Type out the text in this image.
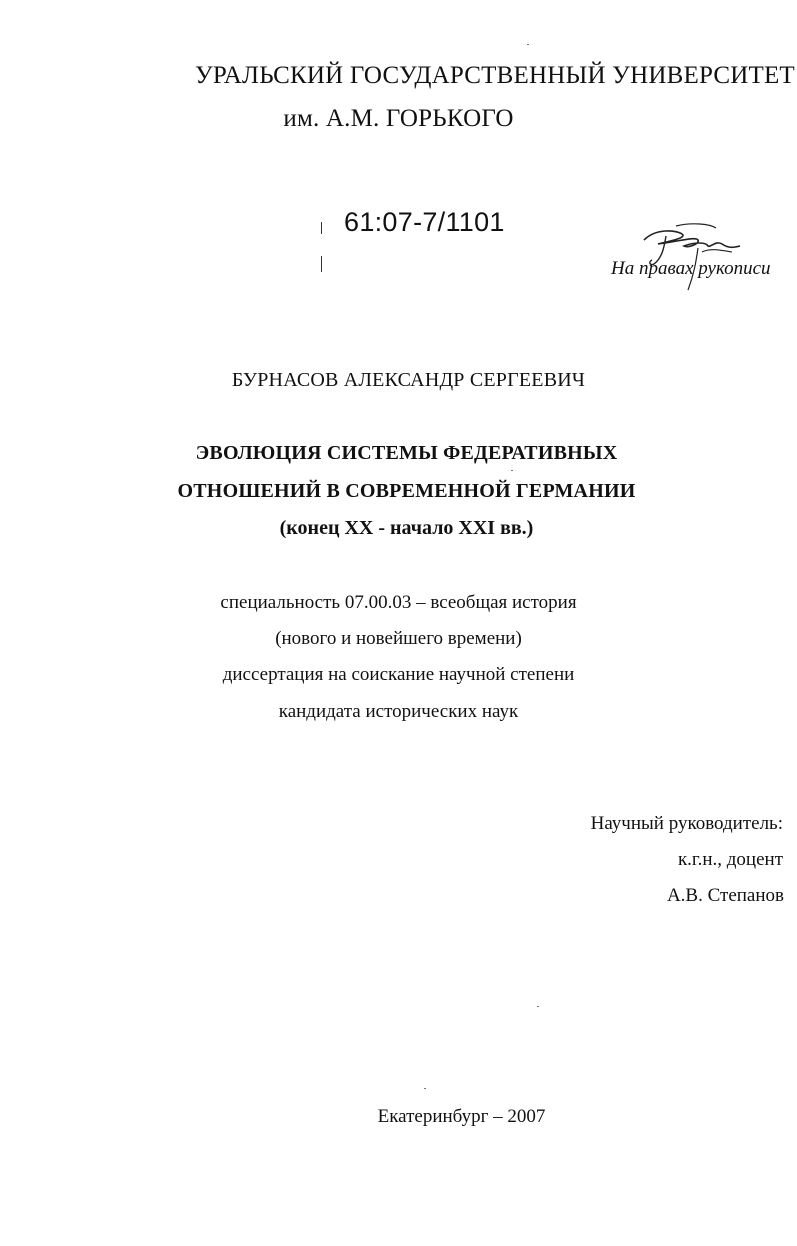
УРАЛЬСКИЙ ГОСУДАРСТВЕННЫЙ УНИВЕРСИТЕТ
им. А.М. ГОРЬКОГО
61:07-7/1101
На правах рукописи
БУРНАСОВ АЛЕКСАНДР СЕРГЕЕВИЧ
ЭВОЛЮЦИЯ СИСТЕМЫ ФЕДЕРАТИВНЫХ
ОТНОШЕНИЙ В СОВРЕМЕННОЙ ГЕРМАНИИ
(конец XX - начало XXI вв.)
специальность 07.00.03 – всеобщая история
(нового и новейшего времени)
диссертация на соискание научной степени
кандидата исторических наук
Научный руководитель:
к.г.н., доцент
А.В. Степанов
Екатеринбург – 2007
